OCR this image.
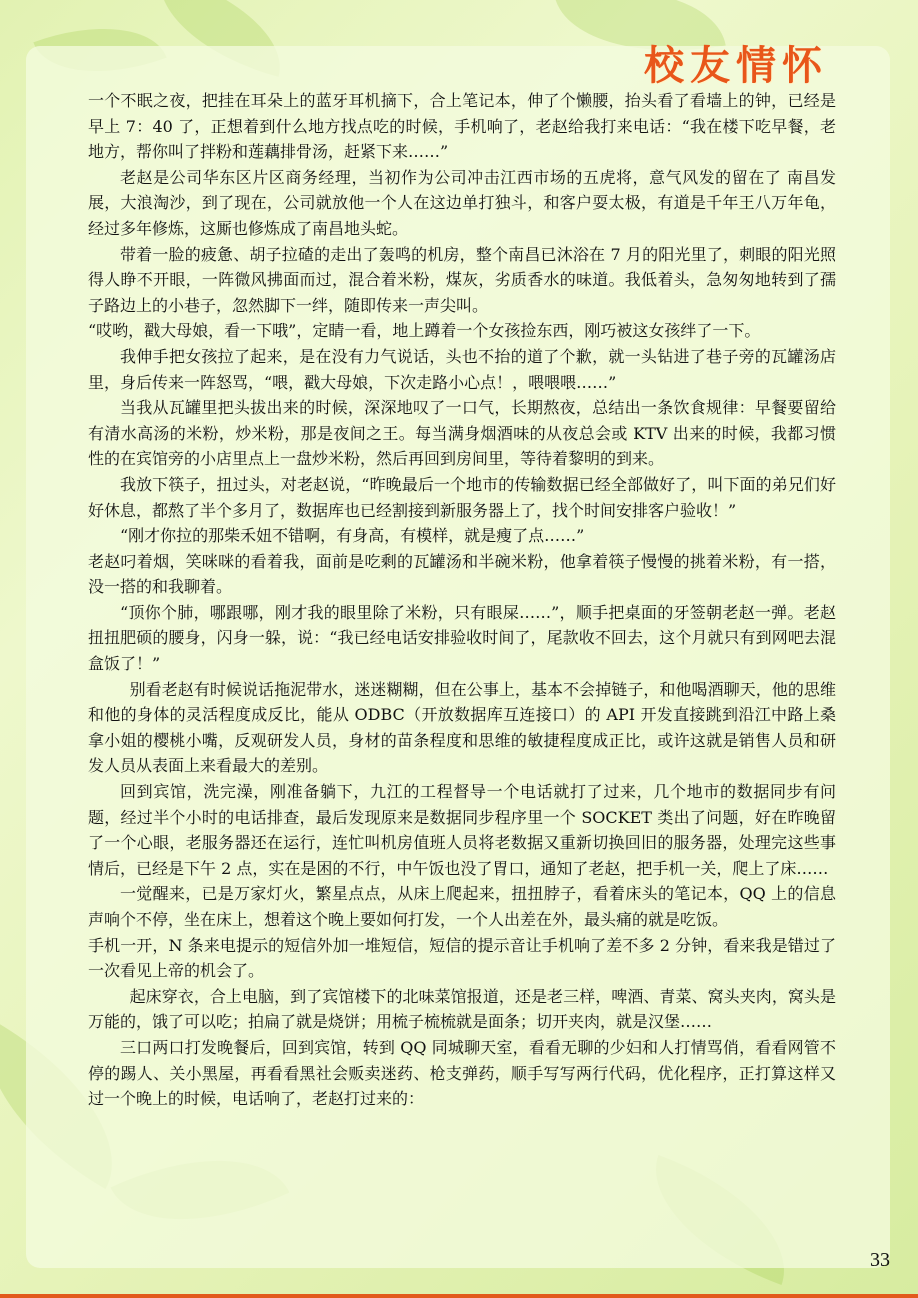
校友情怀

一个不眠之夜，把挂在耳朵上的蓝牙耳机摘下，合上笔记本，伸了个懒腰，抬头看了看墙上的钟，已经是早上 7：40 了，正想着到什么地方找点吃的时候，手机响了，老赵给我打来电话：“我在楼下吃早餐，老地方，帮你叫了拌粉和莲藕排骨汤，赶紧下来……”

老赵是公司华东区片区商务经理，当初作为公司冲击江西市场的五虎将，意气风发的留在了 南昌发展，大浪淘沙，到了现在，公司就放他一个人在这边单打独斗，和客户耍太极，有道是千年王八万年龟，经过多年修炼，这厮也修炼成了南昌地头蛇。

带着一脸的疲惫、胡子拉碴的走出了轰鸣的机房，整个南昌已沐浴在 7 月的阳光里了，刺眼的阳光照得人睁不开眼，一阵微风拂面而过，混合着米粉，煤灰，劣质香水的味道。我低着头，急匆匆地转到了孺子路边上的小巷子，忽然脚下一绊，随即传来一声尖叫。

“哎哟，戳大母娘，看一下哦”，定睛一看，地上蹲着一个女孩捡东西，刚巧被这女孩绊了一下。

我伸手把女孩拉了起来，是在没有力气说话，头也不抬的道了个歉，就一头钻进了巷子旁的瓦罐汤店里，身后传来一阵怒骂，“喂，戳大母娘，下次走路小心点！，喂喂喂……”

当我从瓦罐里把头拔出来的时候，深深地叹了一口气，长期熬夜，总结出一条饮食规律：早餐要留给有清水高汤的米粉，炒米粉，那是夜间之王。每当满身烟酒味的从夜总会或 KTV 出来的时候，我都习惯性的在宾馆旁的小店里点上一盘炒米粉，然后再回到房间里，等待着黎明的到来。

我放下筷子，扭过头，对老赵说，“昨晚最后一个地市的传输数据已经全部做好了，叫下面的弟兄们好好休息，都熬了半个多月了，数据库也已经割接到新服务器上了，找个时间安排客户验收！”

“刚才你拉的那柴禾妞不错啊，有身高，有模样，就是瘦了点……”

老赵叼着烟，笑咪咪的看着我，面前是吃剩的瓦罐汤和半碗米粉，他拿着筷子慢慢的挑着米粉，有一搭，没一搭的和我聊着。

“顶你个肺，哪跟哪，刚才我的眼里除了米粉，只有眼屎……”，顺手把桌面的牙签朝老赵一弹。老赵扭扭肥硕的腰身，闪身一躲，说：“我已经电话安排验收时间了，尾款收不回去，这个月就只有到网吧去混盒饭了！”

别看老赵有时候说话拖泥带水，迷迷糊糊，但在公事上，基本不会掉链子，和他喝酒聊天，他的思维和他的身体的灵活程度成反比，能从 ODBC（开放数据库互连接口）的 API 开发直接跳到沿江中路上桑拿小姐的樱桃小嘴，反观研发人员，身材的苗条程度和思维的敏捷程度成正比，或许这就是销售人员和研发人员从表面上来看最大的差别。

回到宾馆，洗完澡，刚准备躺下，九江的工程督导一个电话就打了过来，几个地市的数据同步有问题，经过半个小时的电话排查，最后发现原来是数据同步程序里一个 SOCKET 类出了问题，好在昨晚留了一个心眼，老服务器还在运行，连忙叫机房值班人员将老数据又重新切换回旧的服务器，处理完这些事情后，已经是下午 2 点，实在是困的不行，中午饭也没了胃口，通知了老赵，把手机一关，爬上了床……

一觉醒来，已是万家灯火，繁星点点，从床上爬起来，扭扭脖子，看着床头的笔记本，QQ 上的信息声响个不停，坐在床上，想着这个晚上要如何打发，一个人出差在外，最头痛的就是吃饭。

手机一开，N 条来电提示的短信外加一堆短信，短信的提示音让手机响了差不多 2 分钟，看来我是错过了一次看见上帝的机会了。

起床穿衣，合上电脑，到了宾馆楼下的北味菜馆报道，还是老三样，啤酒、青菜、窝头夹肉，窝头是万能的，饿了可以吃；拍扁了就是烧饼；用梳子梳梳就是面条；切开夹肉，就是汉堡……

三口两口打发晚餐后，回到宾馆，转到 QQ 同城聊天室，看看无聊的少妇和人打情骂俏，看看网管不停的踢人、关小黑屋，再看看黑社会贩卖迷药、枪支弹药，顺手写写两行代码，优化程序，正打算这样又过一个晚上的时候，电话响了，老赵打过来的：

33
